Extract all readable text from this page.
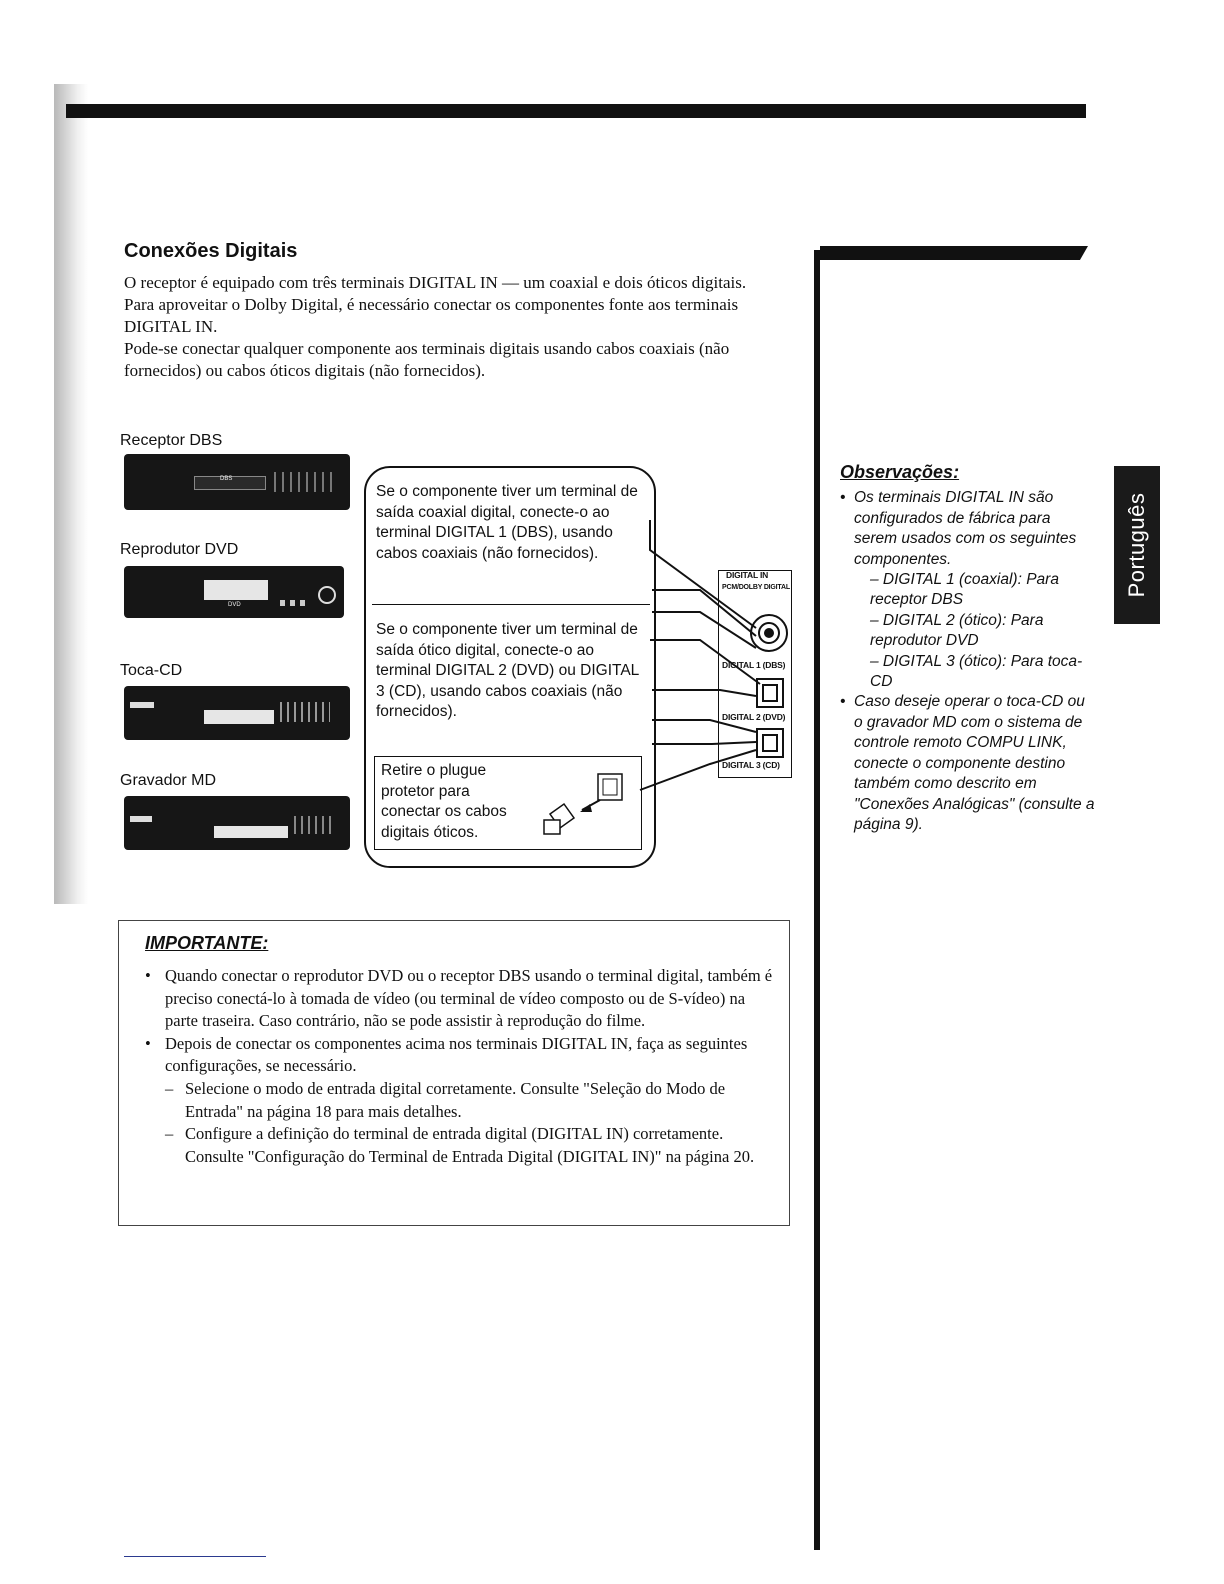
Português
Conexões Digitais

O receptor é equipado com três terminais DIGITAL IN — um coaxial e dois óticos digitais.

Para aproveitar o Dolby Digital, é necessário conectar os componentes fonte aos terminais DIGITAL IN.

Pode-se conectar qualquer componente aos terminais digitais usando cabos coaxiais (não fornecidos) ou cabos óticos digitais (não fornecidos).

Receptor DBS
DBS
Reprodutor DVD
DVD
Toca-CD
Gravador MD
Se o componente tiver um terminal de saída coaxial digital, conecte-o ao terminal DIGITAL 1 (DBS), usando cabos coaxiais (não fornecidos).
Se o componente tiver um terminal de saída ótico digital, conecte-o ao terminal DIGITAL 2 (DVD) ou DIGITAL 3 (CD), usando cabos coaxiais (não fornecidos).

Retire o plugue protetor para conectar os cabos digitais óticos.

DIGITAL IN
PCM/DOLBY DIGITAL
DIGITAL 1 (DBS)
DIGITAL 2 (DVD)
DIGITAL 3 (CD)
Observações:
• Os terminais DIGITAL IN são configurados de fábrica para serem usados com os seguintes componentes.
– DIGITAL 1 (coaxial): Para receptor DBS
– DIGITAL 2 (ótico): Para reprodutor DVD
– DIGITAL 3 (ótico): Para toca-CD
• Caso deseje operar o toca-CD ou o gravador MD com o sistema de controle remoto COMPU LINK, conecte o componente destino também como descrito em "Conexões Analógicas" (consulte a página 9).
IMPORTANTE:
• Quando conectar o reprodutor DVD ou o receptor DBS usando o terminal digital, também é preciso conectá-lo à tomada de vídeo (ou terminal de vídeo composto ou de S-vídeo) na parte traseira. Caso contrário, não se pode assistir à reprodução do filme.
• Depois de conectar os componentes acima nos terminais DIGITAL IN, faça as seguintes configurações, se necessário.
– Selecione o modo de entrada digital corretamente. Consulte "Seleção do Modo de Entrada" na página 18 para mais detalhes.
– Configure a definição do terminal de entrada digital (DIGITAL IN) corretamente. Consulte "Configuração do Terminal de Entrada Digital (DIGITAL IN)" na página 20.
